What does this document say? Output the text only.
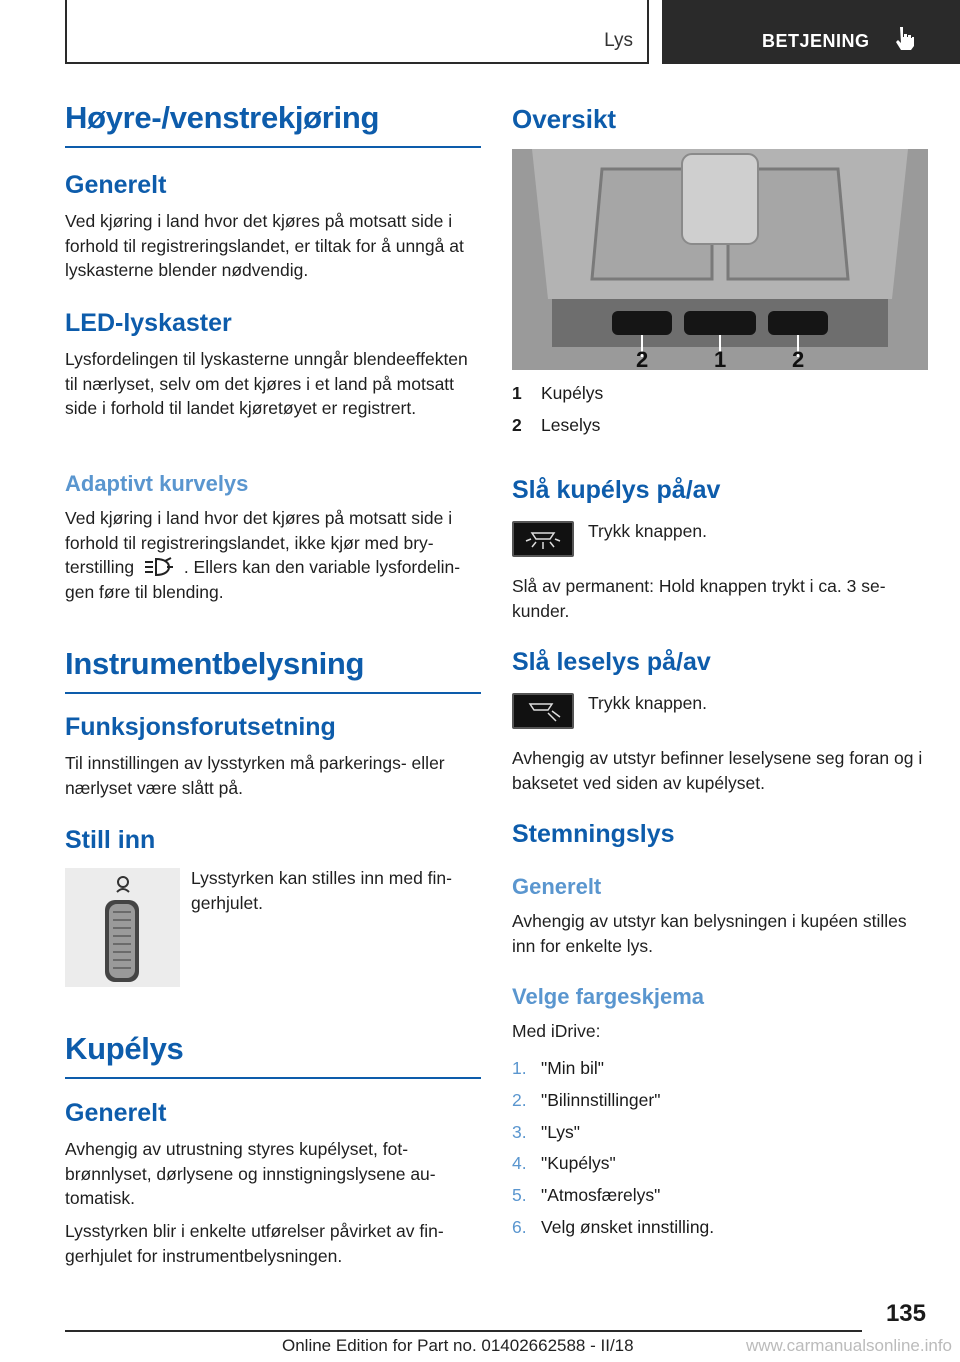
Lys	BETJENING
Høyre-/venstrekjøring
Generelt

Ved kjøring i land hvor det kjøres på motsatt side i forhold til registreringslandet, er tiltak for å unngå at lyskasterne blender nødvendig.

LED-lyskaster

Lysfordelingen til lyskasterne unngår blendeeffekten til nærlyset, selv om det kjøres i et land på motsatt side i forhold til landet kjøretøyet er registrert.

Adaptivt kurvelys

Ved kjøring i land hvor det kjøres på motsatt side i forhold til registreringslandet, ikke kjør med bryterstilling	. Ellers kan den variable lysfordelingen føre til blending.

Instrumentbelysning
Funksjonsforutsetning

Til innstillingen av lysstyrken må parkerings- eller nærlyset være slått på.

Still inn

Lysstyrken kan stilles inn med fingerhjulet.

Kupélys
Generelt

Avhengig av utrustning styres kupélyset, fotbrønnlyset, dørlysene og innstigningslysene automatisk.

Lysstyrken blir i enkelte utførelser påvirket av fingerhjulet for instrumentbelysningen.

Oversikt
2	1	2
1 Kupélys
2 Leselys
Slå kupélys på/av

Trykk knappen.

Slå av permanent: Hold knappen trykt i ca. 3 sekunder.

Slå leselys på/av

Trykk knappen.

Avhengig av utstyr befinner leselysene seg foran og i baksetet ved siden av kupélyset.

Stemningslys
Generelt

Avhengig av utstyr kan belysningen i kupéen stilles inn for enkelte lys.

Velge fargeskjema

Med iDrive:

1. "Min bil"
2. "Bilinnstillinger"
3. "Lys"
4. "Kupélys"
5. "Atmosfærelys"
6. Velg ønsket innstilling.
135
Online Edition for Part no. 01402662588 - II/18	www.carmanualsonline.info
